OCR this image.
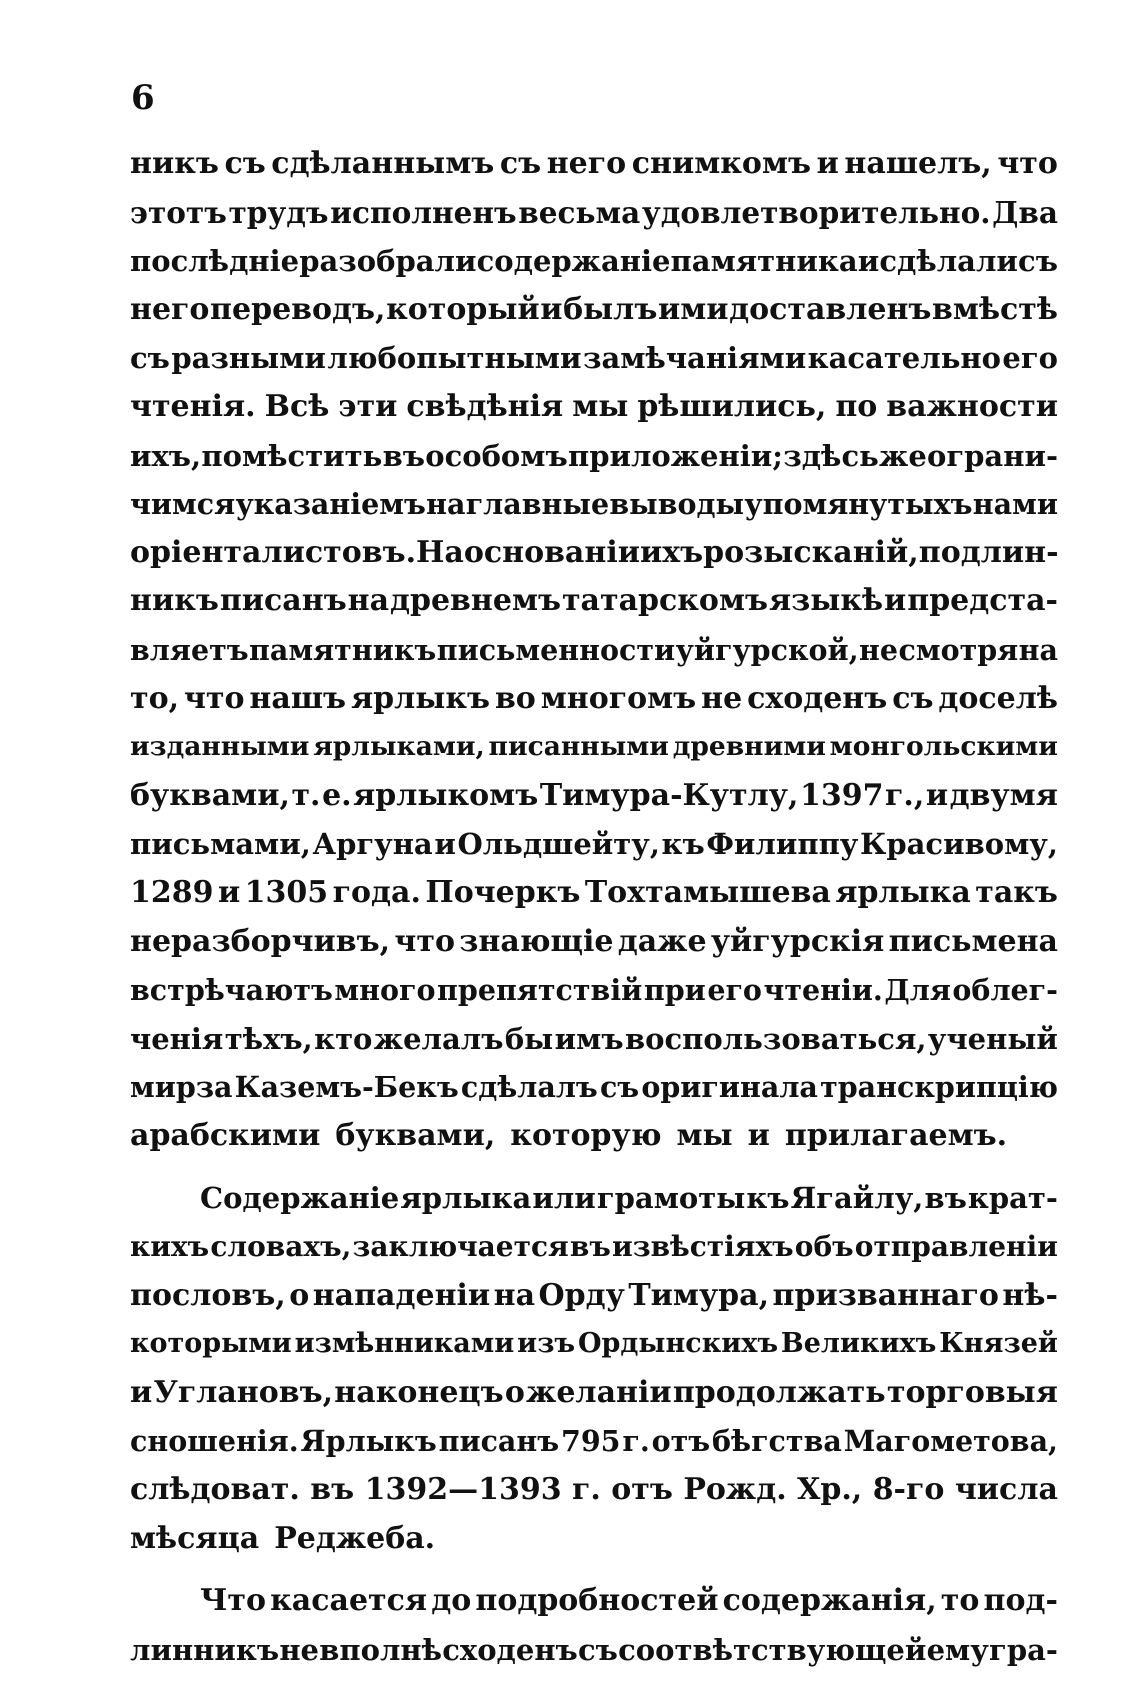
6
никъ съ сдѣланнымъ съ него снимкомъ и нашелъ, что
этотъ трудъ исполненъ весьма удовлетворительно. Два
послѣдніе разобрали содержаніе памятника и сдѣлали съ
него переводъ, который и былъ ими доставленъ вмѣстѣ
съ разными любопытными замѣчаніями касательно его
чтенія. Всѣ эти свѣдѣнія мы рѣшились, по важности
ихъ, помѣстить въ особомъ приложеніи; здѣсь же ограни-
чимся указаніемъ на главные выводы упомянутыхъ нами
оріенталистовъ. На основаніи ихъ розысканій, подлин-
никъ писанъ на древнемъ татарскомъ языкѣ и предста-
вляетъ памятникъ письменности уйгурской, не смотря на
то, что нашъ ярлыкъ во многомъ не сходенъ съ доселѣ
изданными ярлыками, писанными древними монгольскими
буквами, т. е. ярлыкомъ Тимура-Кутлу, 1397 г., и двумя
письмами, Аргуна и Ольдшейту, къ Филиппу Красивому,
1289 и 1305 года. Почеркъ Тохтамышева ярлыка такъ
неразборчивъ, что знающіе даже уйгурскія письмена
встрѣчаютъ много препятствій при его чтеніи. Для облег-
ченія тѣхъ, кто желалъ бы имъ воспользоваться, ученый
мирза Каземъ-Бекъ сдѣлалъ съ оригинала транскрипцію
арабскими буквами, которую мы и прилагаемъ.
Содержаніе ярлыка или грамоты къ Ягайлу, въ крат-
кихъ словахъ, заключается въ извѣстіяхъ объ отправленіи
пословъ, о нападеніи на Орду Тимура, призваннаго нѣ-
которыми измѣнниками изъ Ордынскихъ Великихъ Князей
и Углановъ, наконецъ о желаніи продолжать торговыя
сношенія. Ярлыкъ писанъ 795 г. отъ бѣгства Магометова,
слѣдоват. въ 1392—1393 г. отъ Рожд. Хр., 8-го числа
мѣсяца Реджеба.
Что касается до подробностей содержанія, то под-
линникъ не вполнѣ сходенъ съ соотвѣтствующей ему гра-
